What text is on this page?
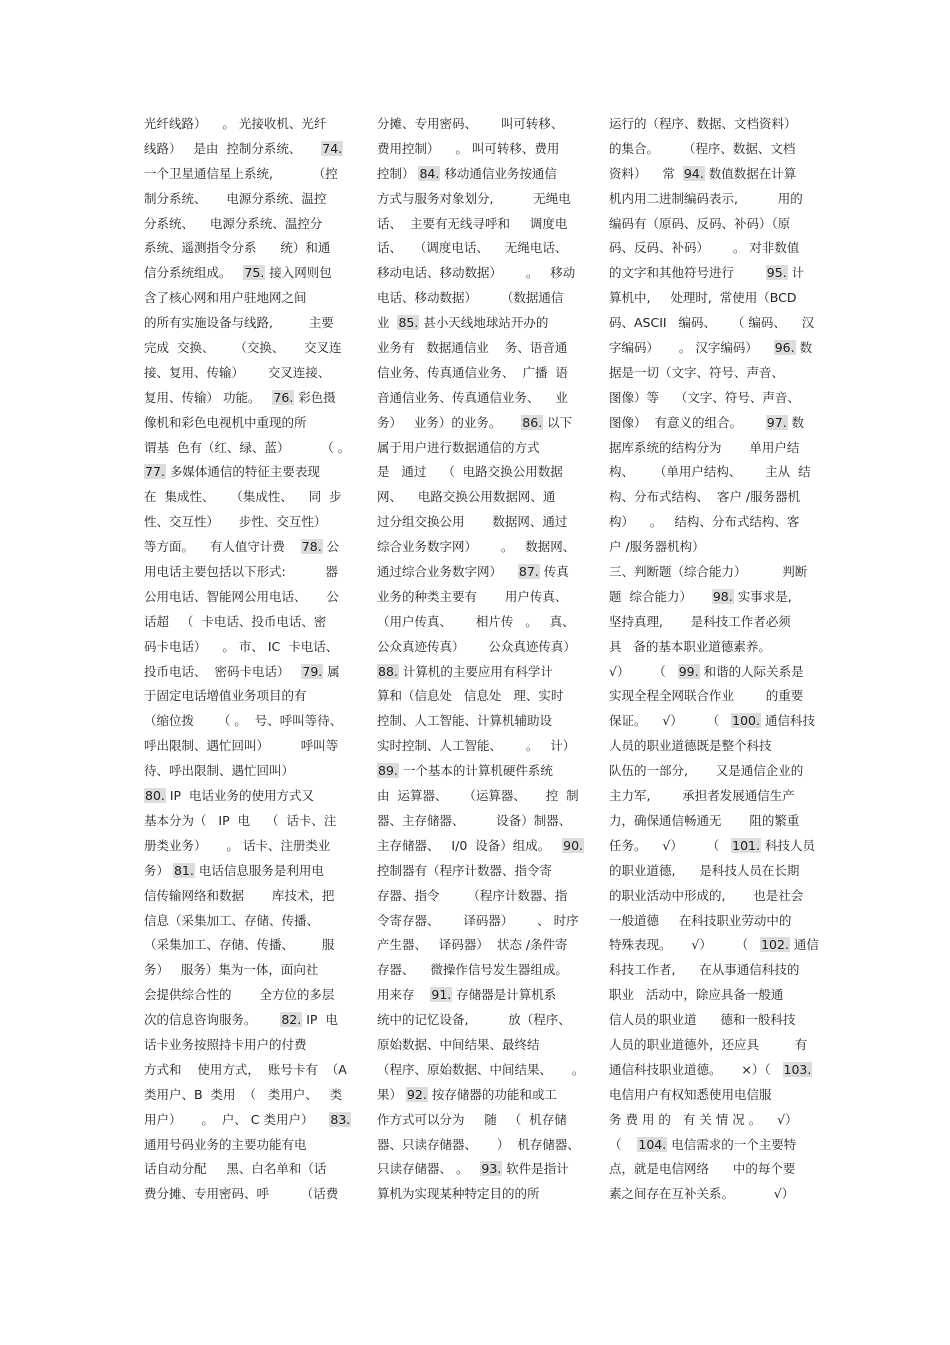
光纤线路）    。 光接收机、光纤
线路）   是由  控制分系统、     74.
一个卫星通信星上系统,          （控
制分系统、     电源分系统、温控
分系统、    电源分系统、温控分
系统、遥测指令分系      统）和通
信分系统组成。   75. 接入网则包
含了核心网和用户驻地网之间
的所有实施设备与线路,         主要
完成  交换、     （交换、     交叉连
接、复用、传输）      交叉连接、
复用、传输） 功能。   76. 彩色摄
像机和彩色电视机中重现的所
谓基  色有（红、绿、蓝）        （ 。
77. 多媒体通信的特征主要表现
在  集成性、    （集成性、    同  步
性、交互性）     步性、交互性）
等方面。    有人值守计费    78. 公
用电话主要包括以下形式:          器
公用电话、智能网公用电话、     公
话超   （  卡电话、投币电话、密
码卡电话）    。 市、 IC  卡电话、
投币电话、  密码卡电话）   79. 属
于固定电话增值业务项目的有
（缩位拨      （ 。  号、呼叫等待、
呼出限制、遇忙回叫）        呼叫等
待、呼出限制、遇忙回叫）
80. IP  电话业务的使用方式又
基本分为（   IP  电    （  话卡、注
册类业务）     。 话卡、注册类业
务） 81. 电话信息服务是利用电
信传输网络和数据       库技术，把
信息（采集加工、存储、传播、
（采集加工、存储、传播、       服
务）   服务）集为一体，面向社
会提供综合性的       全方位的多层
次的信息咨询服务。      82. IP  电
话卡业务按照持卡用户的付费
方式和    使用方式，  账号卡有  （A
类用户、B  类用  （   类用户、   类
用户）     。  户、 C 类用户）    83.
通用号码业务的主要功能有电
话自动分配     黑、白名单和（话
费分摊、专用密码、呼        （话费
分摊、专用密码、      叫可转移、
费用控制）    。 叫可转移、费用
控制） 84. 移动通信业务按通信
方式与服务对象划分,          无绳电
话、  主要有无线寻呼和     调度电
话、   （调度电话、    无绳电话、
移动电话、移动数据）      。   移动
电话、移动数据）      （数据通信
业  85. 甚小天线地球站开办的
业务有   数据通信业    务、语音通
信业务、传真通信业务、  广播  语
音通信业务、传真通信业务、    业
务）   业务）的业务。     86. 以下
属于用户进行数据通信的方式
是   通过    （  电路交换公用数据
网、    电路交换公用数据网、通
过分组交换公用       数据网、通过
综合业务数字网）      。   数据网、
通过综合业务数字网）    87. 传真
业务的种类主要有       用户传真、
（用户传真、      相片传   。   真、
公众真迹传真）      公众真迹传真）
88. 计算机的主要应用有科学计
算和（信息处   信息处   理、实时
控制、人工智能、计算机辅助设
实时控制、人工智能、      。   计）
89. 一个基本的计算机硬件系统
由  运算器、    （运算器、     控  制
器、主存储器、        设备）制器、
主存储器、   I/0  设备）组成。   90.
控制器有（程序计数器、指令寄
存器、指令       （程序计数器、指
令寄存器、      译码器）      、 时序
产生器、   译码器）  状态 /条件寄
存器、    微操作信号发生器组成。
用来存    91. 存储器是计算机系
统中的记忆设备,          放（程序、
原始数据、中间结果、最终结
（程序、原始数据、中间结果、     。
果） 92. 按存储器的功能和或工
作方式可以分为     随   （  机存储
器、只读存储器、     ）  机存储器、
只读存储器、 。   93. 软件是指计
算机为实现某种特定目的的所
运行的（程序、数据、文档资料）
的集合。      （程序、数据、文档
资料）    常  94. 数值数据在计算
机内用二进制编码表示,          用的
编码有（原码、反码、补码）（原
码、反码、补码）      。 对非数值
的文字和其他符号进行        95. 计
算机中,     处理时,  常使用（BCD
码、ASCII   编码、    （ 编码、    汉
字编码）     。 汉字编码）    96. 数
据是一切（文字、符号、声音、
图像）等    （文字、符号、声音、
图像）  有意义的组合。      97. 数
据库系统的结构分为       单用户结
构、     （单用户结构、      主从  结
构、分布式结构、  客户 /服务器机
构）    。   结构、分布式结构、客
户 /服务器机构）
三、判断题（综合能力）         判断
题  综合能力）     98. 实事求是,
坚持真理,       是科技工作者必须
具   备的基本职业道德素养。
√）      （   99. 和谐的人际关系是
实现全程全网联合作业        的重要
保证。    √）      （   100. 通信科技
人员的职业道德既是整个科技
队伍的一部分,       又是通信企业的
主力军,        承担者发展通信生产
力，确保通信畅通无       阻的繁重
任务。    √）      （   101. 科技人员
的职业道德,      是科技人员在长期
的职业活动中形成的,       也是社会
一般道德     在科技职业劳动中的
特殊表现。     √）      （   102. 通信
科技工作者,      在从事通信科技的
职业   活动中，除应具备一般通
信人员的职业道      德和一般科技
人员的职业道德外，还应具         有
通信科技职业道德。     ×）（   103.
电信用户有权知悉使用电信服
务 费 用 的   有 关 情 况 。    √）
（    104. 电信需求的一个主要特
点，就是电信网络      中的每个要
素之间存在互补关系。          √）
